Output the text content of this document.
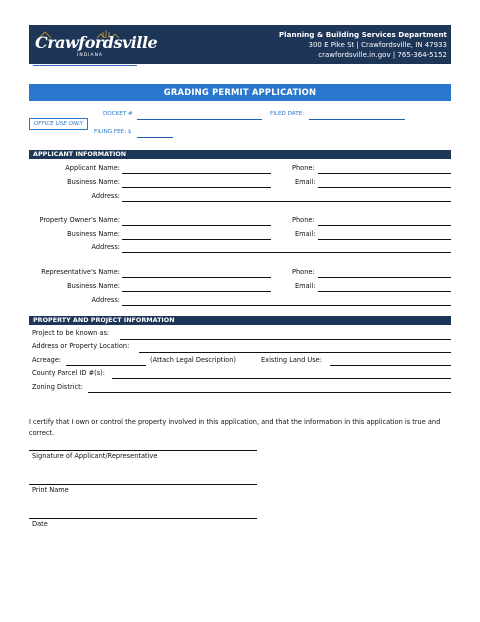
Crawfordsville
INDIANA
Planning & Building Services Department
300 E Pike St | Crawfordsville, IN 47933
crawfordsville.in.gov | 765-364-5152
GRADING PERMIT APPLICATION
OFFICE USE ONLY
DOCKET #	FILED DATE:
FILING FEE: $
APPLICANT INFORMATION
Applicant Name:	Phone:
Business Name:	Email:
Address:
Property Owner's Name:	Phone:
Business Name:	Email:
Address:
Representative's Name:	Phone:
Business Name:	Email:
Address:
PROPERTY AND PROJECT INFORMATION
Project to be known as:
Address or Property Location:
Acreage:	(Attach Legal Description)	Existing Land Use:
County Parcel ID #(s):
Zoning District:
I certify that I own or control the property involved in this application, and that the information in this application is true and correct.
Signature of Applicant/Representative
Print Name
Date
